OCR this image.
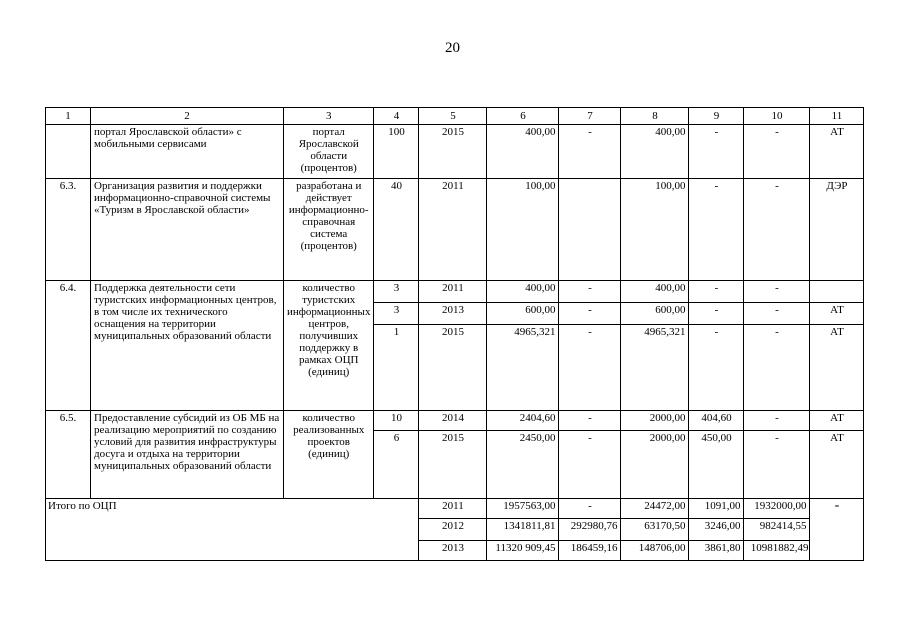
20
1	2	3	4	5	6	7	8	9	10	11
	портал Ярославской области» с мобильными сервисами	портал Ярославской области (процентов)	100	2015	400,00	-	400,00	-	-	АТ
6.3.	Организация развития и поддержки информационно-справочной системы «Туризм в Ярославской области»	разработана и действует информационно-справочная система (процентов)	40	2011	100,00		100,00	-	-	ДЭР
6.4.	Поддержка деятельности сети туристских информационных центров, в том числе их технического оснащения на территории муниципальных образований области	количество туристских информационных центров, получивших поддержку в рамках ОЦП (единиц)	3	2011	400,00	-	400,00	-	-	
			3	2013	600,00	-	600,00	-	-	АТ
			1	2015	4965,321	-	4965,321	-	-	АТ
6.5.	Предоставление субсидий из ОБ МБ на реализацию мероприятий по созданию условий для развития инфраструктуры досуга и отдыха на территории муниципальных образований области	количество реализованных проектов (единиц)	10	2014	2404,60	-	2000,00	404,60	-	АТ
			6	2015	2450,00	-	2000,00	450,00	-	АТ
Итого по ОЦП				2011	1957563,00	-	24472,00	1091,00	1932000,00	-
				2012	1341811,81	292980,76	63170,50	3246,00	982414,55	
				2013	11320 909,45	186459,16	148706,00	3861,80	10981882,49	
